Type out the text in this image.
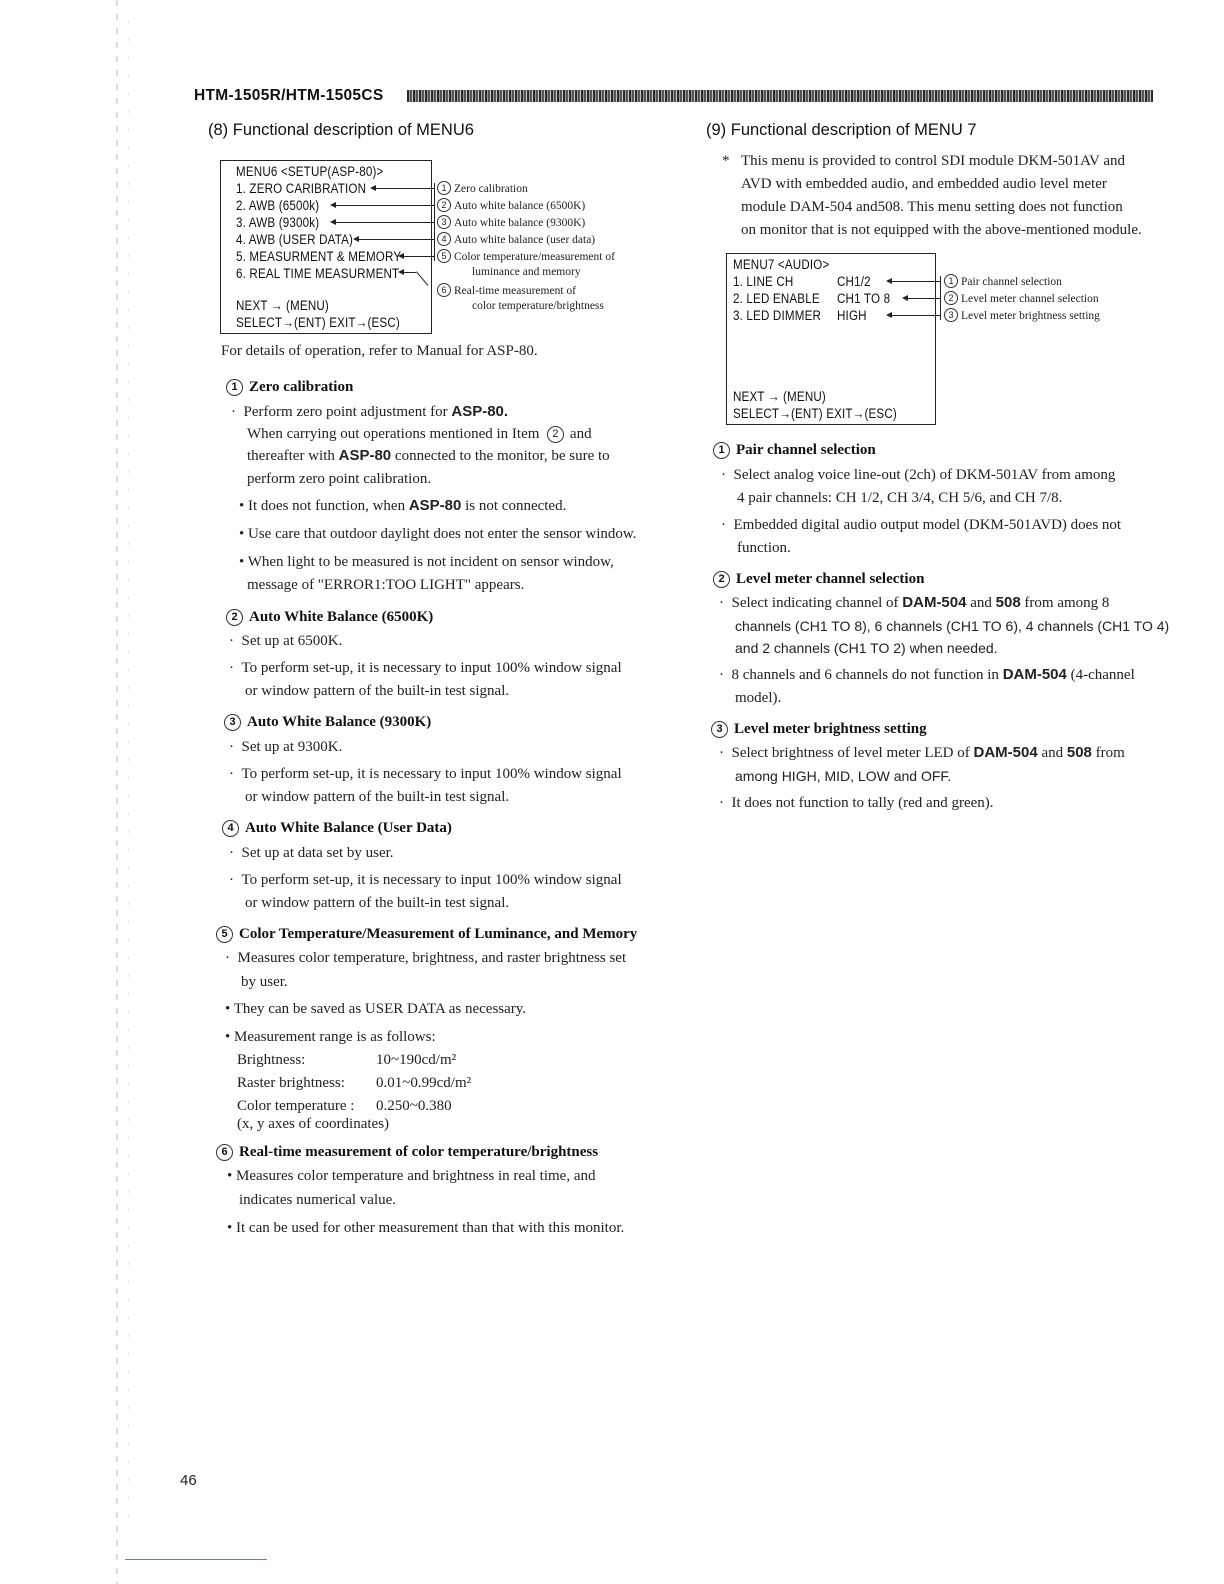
HTM-1505R/HTM-1505CS
(8) Functional description of MENU6
MENU6 <SETUP(ASP-80)>
1. ZERO CARIBRATION
2. AWB (6500k)
3. AWB (9300k)
4. AWB (USER DATA)
5. MEASURMENT & MEMORY
6. REAL TIME MEASURMENT
NEXT → (MENU)
SELECT→(ENT) EXIT→(ESC)
1 Zero calibration
2 Auto white balance (6500K)
3 Auto white balance (9300K)
4 Auto white balance (user data)
5 Color temperature/measurement of
luminance and memory
6 Real-time measurement of
color temperature/brightness
For details of operation, refer to Manual for ASP-80.
1 Zero calibration
·  Perform zero point adjustment for ASP-80.
When carrying out operations mentioned in Item 2 and
thereafter with ASP-80 connected to the monitor, be sure to
perform zero point calibration.
• It does not function, when ASP-80 is not connected.
• Use care that outdoor daylight does not enter the sensor window.
• When light to be measured is not incident on sensor window,
message of "ERROR1:TOO LIGHT" appears.
2 Auto White Balance (6500K)
·  Set up at 6500K.
·  To perform set-up, it is necessary to input 100% window signal
or window pattern of the built-in test signal.
3 Auto White Balance (9300K)
·  Set up at 9300K.
·  To perform set-up, it is necessary to input 100% window signal
or window pattern of the built-in test signal.
4 Auto White Balance (User Data)
·  Set up at data set by user.
·  To perform set-up, it is necessary to input 100% window signal
or window pattern of the built-in test signal.
5 Color Temperature/Measurement of Luminance, and Memory
·  Measures color temperature, brightness, and raster brightness set
by user.
• They can be saved as USER DATA as necessary.
• Measurement range is as follows:
Brightness:	10~190cd/m²
Raster brightness: 0.01~0.99cd/m²
Color temperature : 0.250~0.380
(x, y axes of coordinates)
6 Real-time measurement of color temperature/brightness
• Measures color temperature and brightness in real time, and
indicates numerical value.
• It can be used for other measurement than that with this monitor.
(9) Functional description of MENU 7
* This menu is provided to control SDI module DKM-501AV and
AVD with embedded audio, and embedded audio level meter
module DAM-504 and508. This menu setting does not function
on monitor that is not equipped with the above-mentioned module.
MENU7 <AUDIO>
1. LINE CH	CH1/2
2. LED ENABLE CH1 TO 8
3. LED DIMMER HIGH
NEXT → (MENU)
SELECT→(ENT) EXIT→(ESC)
1 Pair channel selection
2 Level meter channel selection
3 Level meter brightness setting
1 Pair channel selection
·  Select analog voice line-out (2ch) of DKM-501AV from among
4 pair channels: CH 1/2, CH 3/4, CH 5/6, and CH 7/8.
·  Embedded digital audio output model (DKM-501AVD) does not
function.
2 Level meter channel selection
·  Select indicating channel of DAM-504 and 508 from among 8
channels (CH1 TO 8), 6 channels (CH1 TO 6), 4 channels (CH1 TO 4)
and 2 channels (CH1 TO 2) when needed.
·  8 channels and 6 channels do not function in DAM-504 (4-channel
model).
3 Level meter brightness setting
·  Select brightness of level meter LED of DAM-504 and 508 from
among HIGH, MID, LOW and OFF.
·  It does not function to tally (red and green).
46
